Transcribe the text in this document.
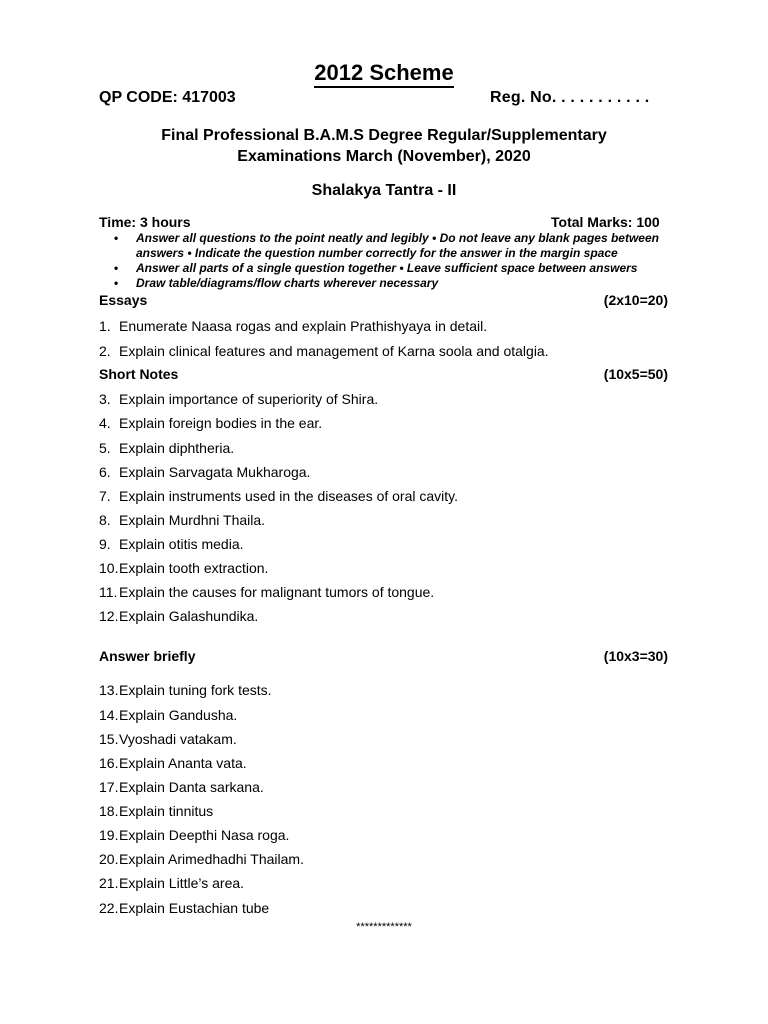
2012 Scheme
QP CODE: 417003	Reg. No. . . . . . . . . . .
Final Professional B.A.M.S Degree Regular/Supplementary
Examinations March (November), 2020
Shalakya Tantra - II
Time: 3 hours	Total Marks: 100
• Answer all questions to the point neatly and legibly • Do not leave any blank pages between answers • Indicate the question number correctly for the answer in the margin space
• Answer all parts of a single question together • Leave sufficient space between answers
• Draw table/diagrams/flow charts wherever necessary
Essays	(2x10=20)
1. Enumerate Naasa rogas and explain Prathishyaya in detail.
2. Explain clinical features and management of Karna soola and otalgia.
Short Notes	(10x5=50)
3. Explain importance of superiority of Shira.
4. Explain foreign bodies in the ear.
5. Explain diphtheria.
6. Explain Sarvagata Mukharoga.
7. Explain instruments used in the diseases of oral cavity.
8. Explain Murdhni Thaila.
9. Explain otitis media.
10.Explain tooth extraction.
11. Explain the causes for malignant tumors of tongue.
12.Explain Galashundika.
Answer briefly	(10x3=30)
13.Explain tuning fork tests.
14.Explain Gandusha.
15.Vyoshadi vatakam.
16.Explain Ananta vata.
17.Explain Danta sarkana.
18.Explain tinnitus
19.Explain Deepthi Nasa roga.
20.Explain Arimedhadhi Thailam.
21.Explain Little’s area.
22.Explain Eustachian tube
*************
